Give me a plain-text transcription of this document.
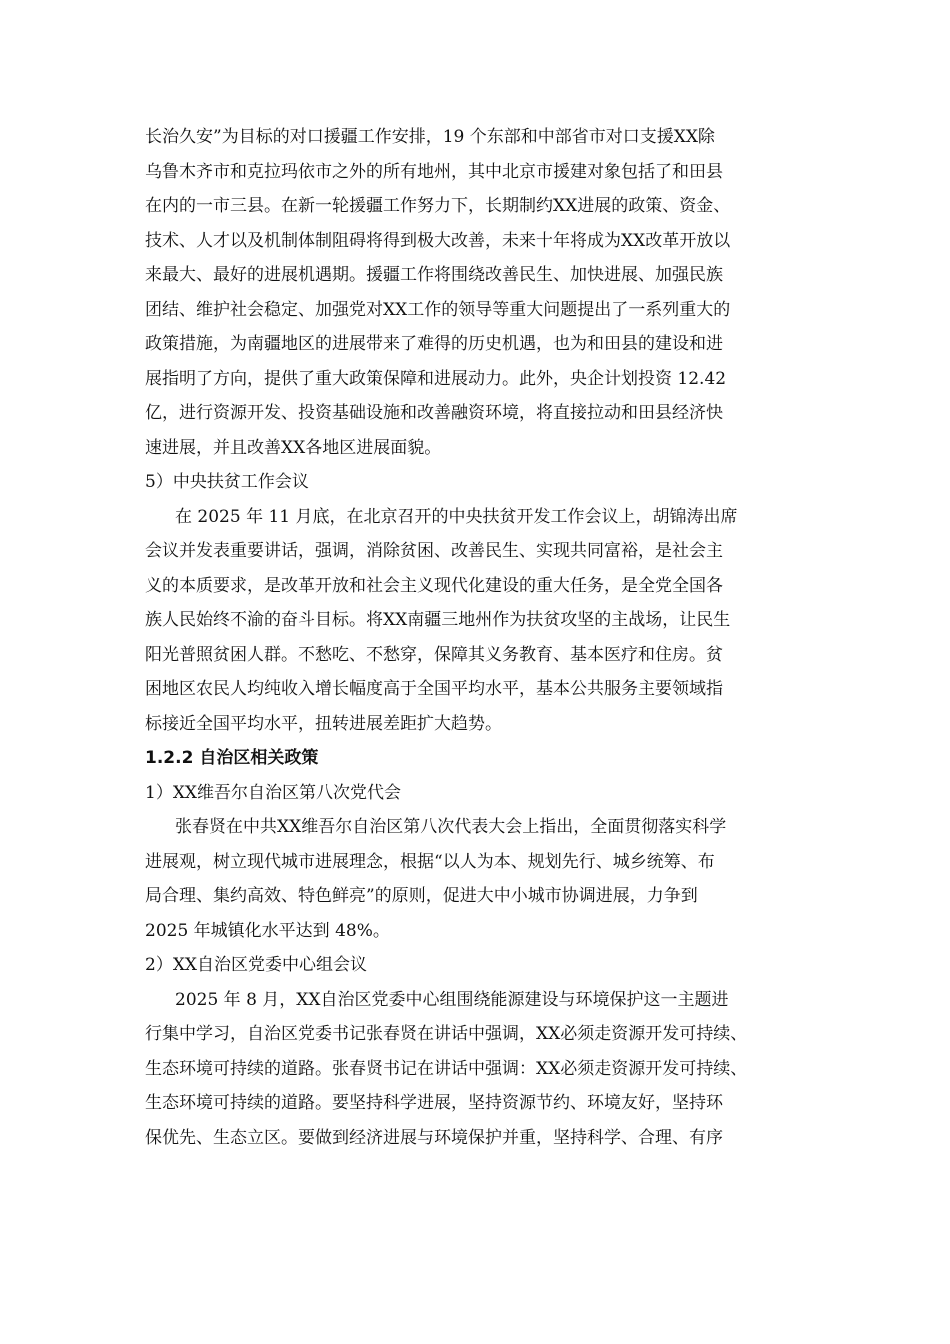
长治久安”为目标的对口援疆工作安排，19 个东部和中部省市对口支援XX除

乌鲁木齐市和克拉玛依市之外的所有地州，其中北京市援建对象包括了和田县

在内的一市三县。在新一轮援疆工作努力下，长期制约XX进展的政策、资金、

技术、人才以及机制体制阻碍将得到极大改善，未来十年将成为XX改革开放以

来最大、最好的进展机遇期。援疆工作将围绕改善民生、加快进展、加强民族

团结、维护社会稳定、加强党对XX工作的领导等重大问题提出了一系列重大的

政策措施，为南疆地区的进展带来了难得的历史机遇，也为和田县的建设和进

展指明了方向，提供了重大政策保障和进展动力。此外，央企计划投资 12.42

亿，进行资源开发、投资基础设施和改善融资环境，将直接拉动和田县经济快

速进展，并且改善XX各地区进展面貌。

5）中央扶贫工作会议

在 2025 年 11 月底，在北京召开的中央扶贫开发工作会议上，胡锦涛出席

会议并发表重要讲话，强调，消除贫困、改善民生、实现共同富裕，是社会主

义的本质要求，是改革开放和社会主义现代化建设的重大任务，是全党全国各

族人民始终不渝的奋斗目标。将XX南疆三地州作为扶贫攻坚的主战场，让民生

阳光普照贫困人群。不愁吃、不愁穿，保障其义务教育、基本医疗和住房。贫

困地区农民人均纯收入增长幅度高于全国平均水平，基本公共服务主要领域指

标接近全国平均水平，扭转进展差距扩大趋势。

1.2.2 自治区相关政策

1）XX维吾尔自治区第八次党代会

张春贤在中共XX维吾尔自治区第八次代表大会上指出，全面贯彻落实科学

进展观，树立现代城市进展理念，根据“以人为本、规划先行、城乡统筹、布

局合理、集约高效、特色鲜亮”的原则，促进大中小城市协调进展，力争到

2025 年城镇化水平达到 48%。

2）XX自治区党委中心组会议

2025 年 8 月，XX自治区党委中心组围绕能源建设与环境保护这一主题进

行集中学习，自治区党委书记张春贤在讲话中强调，XX必须走资源开发可持续、

生态环境可持续的道路。张春贤书记在讲话中强调：XX必须走资源开发可持续、

生态环境可持续的道路。要坚持科学进展，坚持资源节约、环境友好，坚持环

保优先、生态立区。要做到经济进展与环境保护并重，坚持科学、合理、有序
